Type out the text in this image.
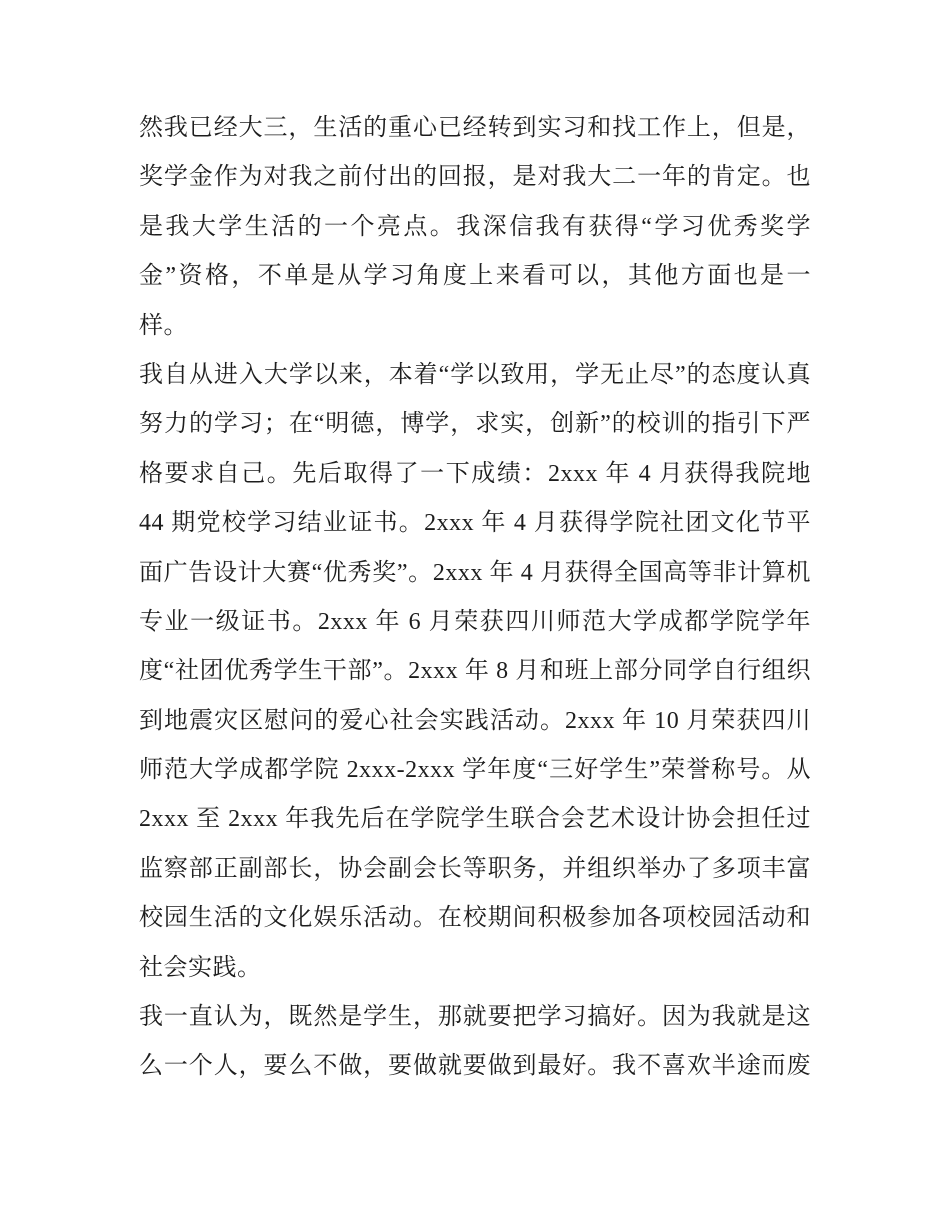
然我已经大三，生活的重心已经转到实习和找工作上，但是，
奖学金作为对我之前付出的回报，是对我大二一年的肯定。也
是我大学生活的一个亮点。我深信我有获得“学习优秀奖学
金”资格，不单是从学习角度上来看可以，其他方面也是一
样。
我自从进入大学以来，本着“学以致用，学无止尽”的态度认真
努力的学习；在“明德，博学，求实，创新”的校训的指引下严
格要求自己。先后取得了一下成绩：2xxx 年 4 月获得我院地
44 期党校学习结业证书。2xxx 年 4 月获得学院社团文化节平
面广告设计大赛“优秀奖”。2xxx 年 4 月获得全国高等非计算机
专业一级证书。2xxx 年 6 月荣获四川师范大学成都学院学年
度“社团优秀学生干部”。2xxx 年 8 月和班上部分同学自行组织
到地震灾区慰问的爱心社会实践活动。2xxx 年 10 月荣获四川
师范大学成都学院 2xxx-2xxx 学年度“三好学生”荣誉称号。从
2xxx 至 2xxx 年我先后在学院学生联合会艺术设计协会担任过
监察部正副部长，协会副会长等职务，并组织举办了多项丰富
校园生活的文化娱乐活动。在校期间积极参加各项校园活动和
社会实践。
我一直认为，既然是学生，那就要把学习搞好。因为我就是这
么一个人，要么不做，要做就要做到最好。我不喜欢半途而废
